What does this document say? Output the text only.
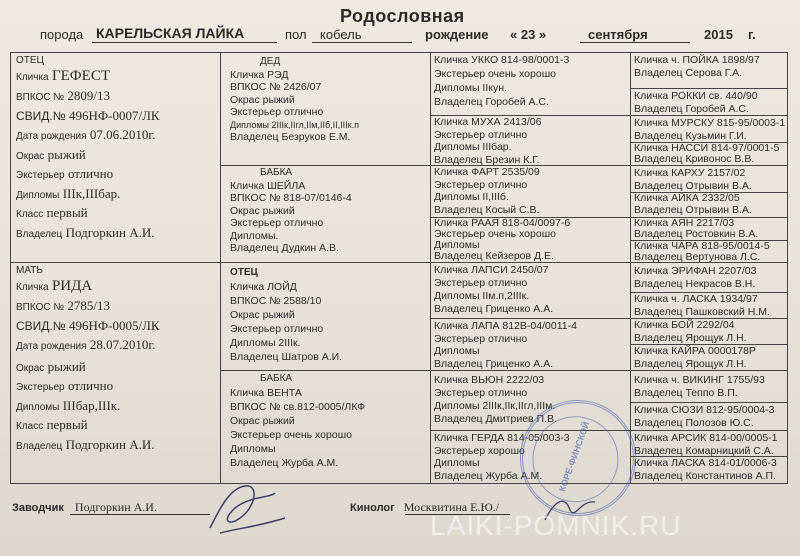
Родословная
порода КАРЕЛЬСКАЯ ЛАЙКА	пол кобель	рождение « 23 »	сентября	2015 г.
ОТЕЦ
Кличка ГЕФЕСТ
ВПКОС № 2809/13
СВИД.№ 496НФ-0007/ЛК
Дата рождения 07.06.2010г.
Окрас рыжий
Экстерьер отлично
Дипломы IIIк,IIIбар.
Класс первый
Владелец Подгоркин А.И.
МАТЬ
Кличка РИДА
ВПКОС № 2785/13
СВИД.№ 496НФ-0005/ЛК
Дата рождения 28.07.2010г.
Окрас рыжий
Экстерьер отлично
Дипломы IIIбар,IIIк.
Класс первый
Владелец Подгоркин А.И.
ДЕД
Кличка РЭД
ВПКОС № 2426/07
Окрас рыжий
Экстерьер отлично
Дипломы 2IIIк,IIгл,IIм,IIб,II,IIIк.п
Владелец Безруков Е.М.
БАБКА
Кличка ШЕЙЛА
ВПКОС № 818-07/0146-4
Окрас рыжий
Экстерьер отлично
Дипломы.
Владелец Дудкин А.В.
ОТЕЦ
Кличка ЛОЙД
ВПКОС № 2588/10
Окрас рыжий
Экстерьер отлично
Дипломы 2IIIк.
Владелец Шатров А.И.
БАБКА
Кличка ВЕНТА
ВПКОС № св.812-0005/ЛКФ
Окрас рыжий
Экстерьер очень хорошо
Дипломы
Владелец Журба А.М.
Кличка УККО 814-98/0001-3
Экстерьер очень хорошо
Дипломы IIкун.
Владелец Горобей А.С.
Кличка МУХА 2413/06
Экстерьер отлично
Дипломы IIIбар.
Владелец Брезин К.Г.
Кличка ФАРТ 2535/09
Экстерьер отлично
Дипломы II,IIIб.
Владелец Косый С.В.
Кличка РААЯ 818-04/0097-6
Экстерьер очень хорошо
Дипломы
Владелец Кейзеров Д.Е.
Кличка ЛАПСИ 2450/07
Экстерьер отлично
Дипломы IIм.п,2IIIк.
Владелец Гриценко А.А.
Кличка ЛАПА 812В-04/0011-4
Экстерьер отлично
Дипломы
Владелец Гриценко А.А.
Кличка ВЬЮН 2222/03
Экстерьер отлично
Дипломы 2IIIк,IIк,IIгл,IIIм.
Владелец Дмитриев П.В.
Кличка ГЕРДА 814-05/003-3
Экстерьер хорошо
Дипломы
Владелец Журба А.М.
Кличка ч. ПОЙКА 1898/97
Владелец Серова Г.А.
Кличка РОККИ св. 440/90
Владелец Горобей А.С.
Кличка МУРСКУ 815-95/0003-1
Владелец Кузьмин Г.И.
Кличка НАССИ 814-97/0001-5
Владелец Кривонос В.В.
Кличка КАРХУ 2157/02
Владелец Отрывин В.А.
Кличка АЙКА 2332/05
Владелец Отрывин В.А.
Кличка АЯН 2217/03
Владелец Ростовкин В.А.
Кличка ЧАРА 818-95/0014-5
Владелец Вертунова Л.С.
Кличка ЭРИФАН 2207/03
Владелец Некрасов В.Н.
Кличка ч. ЛАСКА 1934/97
Владелец Пашковский Н.М.
Кличка БОЙ 2292/04
Владелец Ярощук Л.Н.
Кличка КАЙРА 0000178Р
Владелец Ярощук Л.Н.
Кличка ч. ВИКИНГ 1755/93
Владелец Теппо В.П.
Кличка СЮЗИ 812-95/0004-3
Владелец Полозов Ю.С.
Кличка АРСИК 814-00/0005-1
Владелец Комарницкий С.А.
Кличка ЛАСКА 814-01/0006-3
Владелец Константинов А.П.
КОРЕ-ФИНСКОЙ
Заводчик Подгоркин А.И.	Кинолог Москвитина Е.Ю./
LAIKI-POMNIK.RU
